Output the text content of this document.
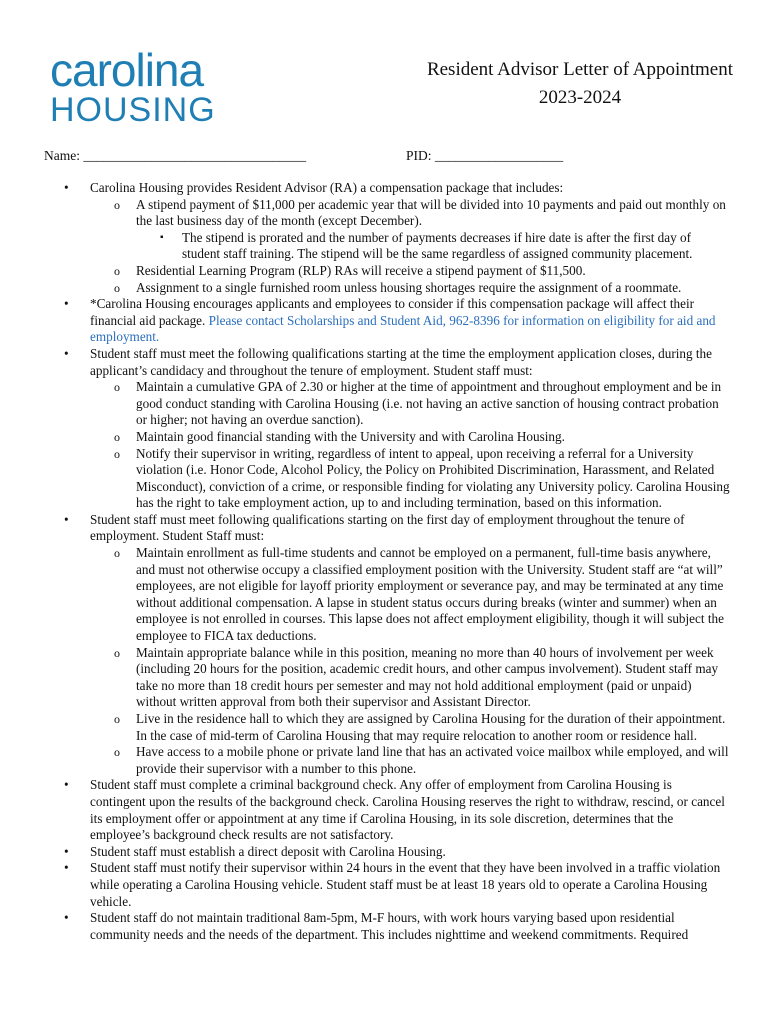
carolina
HOUSING
Resident Advisor Letter of Appointment
2023-2024
Name: _________________________________	PID: ___________________
• Carolina Housing provides Resident Advisor (RA) a compensation package that includes:
o A stipend payment of $11,000 per academic year that will be divided into 10 payments and paid out monthly on the last business day of the month (except December).
▪ The stipend is prorated and the number of payments decreases if hire date is after the first day of student staff training. The stipend will be the same regardless of assigned community placement.
o Residential Learning Program (RLP) RAs will receive a stipend payment of $11,500.
o Assignment to a single furnished room unless housing shortages require the assignment of a roommate.
• *Carolina Housing encourages applicants and employees to consider if this compensation package will affect their financial aid package. Please contact Scholarships and Student Aid, 962-8396 for information on eligibility for aid and employment.
• Student staff must meet the following qualifications starting at the time the employment application closes, during the applicant’s candidacy and throughout the tenure of employment. Student staff must:
o Maintain a cumulative GPA of 2.30 or higher at the time of appointment and throughout employment and be in good conduct standing with Carolina Housing (i.e. not having an active sanction of housing contract probation or higher; not having an overdue sanction).
o Maintain good financial standing with the University and with Carolina Housing.
o Notify their supervisor in writing, regardless of intent to appeal, upon receiving a referral for a University violation (i.e. Honor Code, Alcohol Policy, the Policy on Prohibited Discrimination, Harassment, and Related Misconduct), conviction of a crime, or responsible finding for violating any University policy. Carolina Housing has the right to take employment action, up to and including termination, based on this information.
• Student staff must meet following qualifications starting on the first day of employment throughout the tenure of employment. Student Staff must:
o Maintain enrollment as full-time students and cannot be employed on a permanent, full-time basis anywhere, and must not otherwise occupy a classified employment position with the University. Student staff are “at will” employees, are not eligible for layoff priority employment or severance pay, and may be terminated at any time without additional compensation. A lapse in student status occurs during breaks (winter and summer) when an employee is not enrolled in courses. This lapse does not affect employment eligibility, though it will subject the employee to FICA tax deductions.
o Maintain appropriate balance while in this position, meaning no more than 40 hours of involvement per week (including 20 hours for the position, academic credit hours, and other campus involvement). Student staff may take no more than 18 credit hours per semester and may not hold additional employment (paid or unpaid) without written approval from both their supervisor and Assistant Director.
o Live in the residence hall to which they are assigned by Carolina Housing for the duration of their appointment. In the case of mid-term of Carolina Housing that may require relocation to another room or residence hall.
o Have access to a mobile phone or private land line that has an activated voice mailbox while employed, and will provide their supervisor with a number to this phone.
• Student staff must complete a criminal background check. Any offer of employment from Carolina Housing is contingent upon the results of the background check. Carolina Housing reserves the right to withdraw, rescind, or cancel its employment offer or appointment at any time if Carolina Housing, in its sole discretion, determines that the employee’s background check results are not satisfactory.
• Student staff must establish a direct deposit with Carolina Housing.
• Student staff must notify their supervisor within 24 hours in the event that they have been involved in a traffic violation while operating a Carolina Housing vehicle. Student staff must be at least 18 years old to operate a Carolina Housing vehicle.
• Student staff do not maintain traditional 8am-5pm, M-F hours, with work hours varying based upon residential community needs and the needs of the department. This includes nighttime and weekend commitments. Required
